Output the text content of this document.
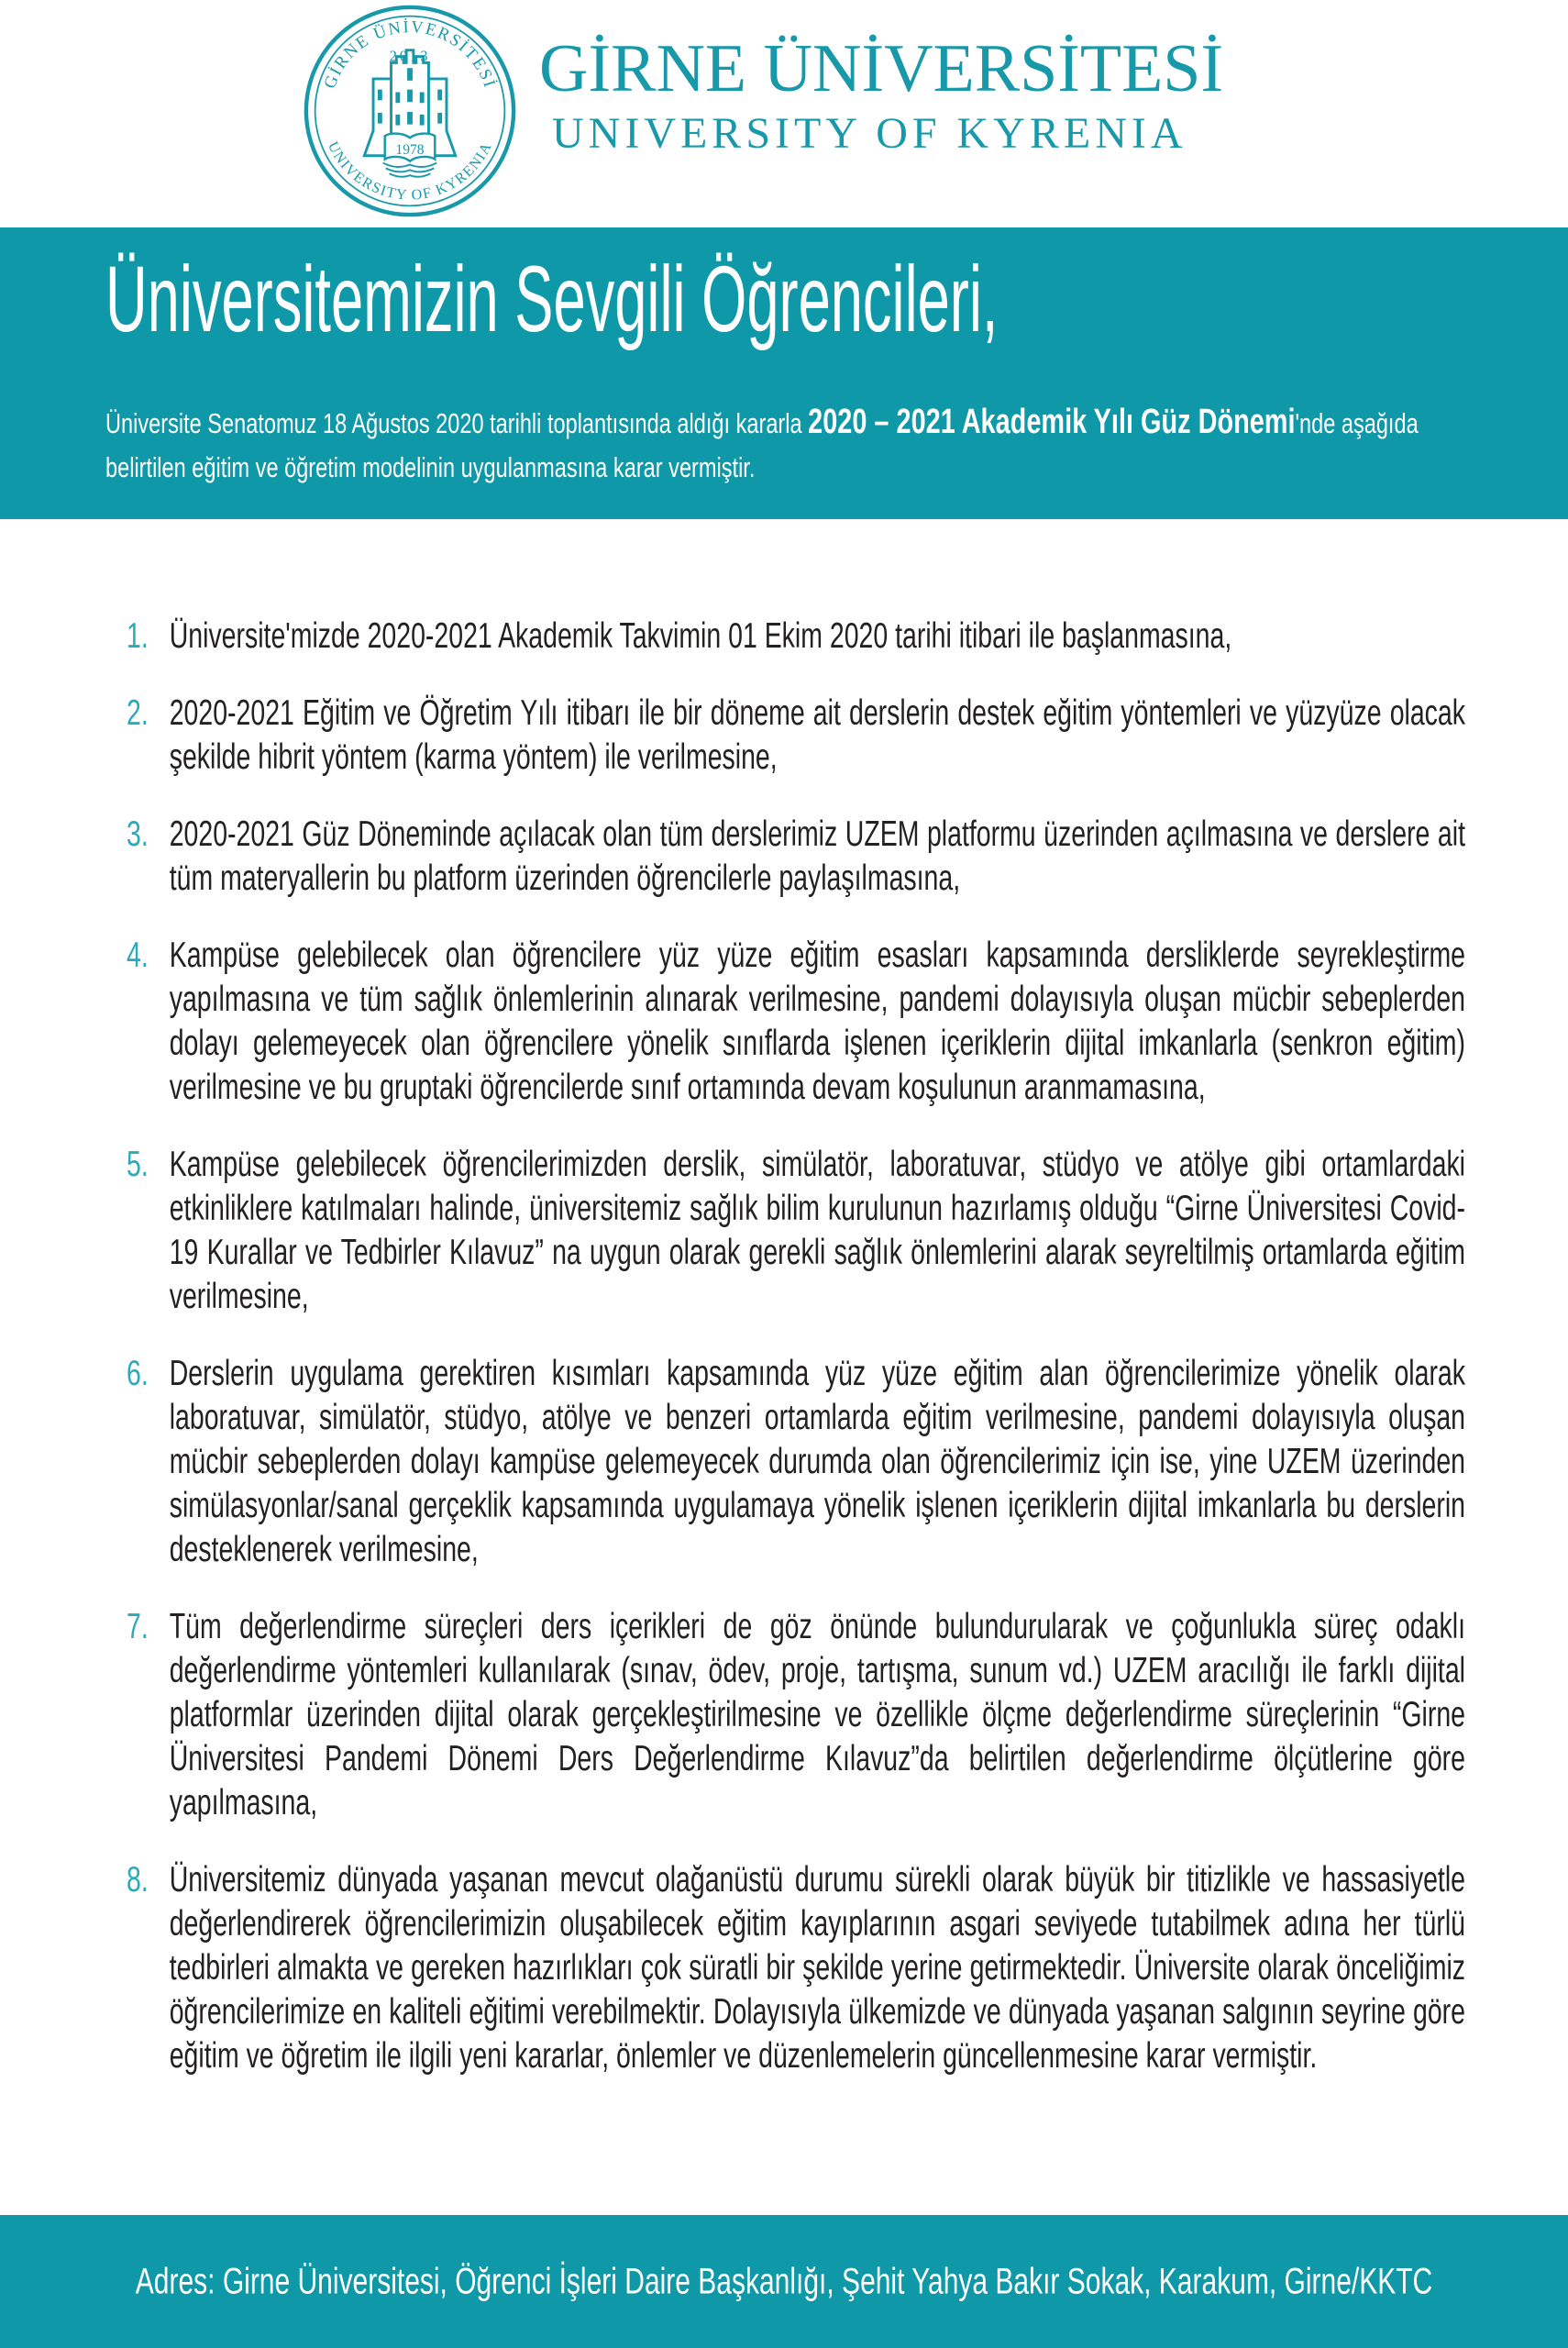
GİRNE ÜNİVERSİTESİ
2013
1978
UNIVERSITY OF KYRENIA
GİRNE ÜNİVERSİTESİ
UNIVERSITY OF KYRENIA
Üniversitemizin Sevgili Öğrencileri,
Üniversite Senatomuz 18 Ağustos 2020 tarihli toplantısında aldığı kararla 2020 – 2021 Akademik Yılı Güz Dönemi'nde aşağıda belirtilen eğitim ve öğretim modelinin uygulanmasına karar vermiştir.
1. Üniversite'mizde 2020-2021 Akademik Takvimin 01 Ekim 2020 tarihi itibari ile başlanmasına,
2. 2020-2021 Eğitim ve Öğretim Yılı itibarı ile bir döneme ait derslerin destek eğitim yöntemleri ve yüzyüze olacak şekilde hibrit yöntem (karma yöntem) ile verilmesine,
3. 2020-2021 Güz Döneminde açılacak olan tüm derslerimiz UZEM platformu üzerinden açılmasına ve derslere ait tüm materyallerin bu platform üzerinden öğrencilerle paylaşılmasına,
4. Kampüse gelebilecek olan öğrencilere yüz yüze eğitim esasları kapsamında dersliklerde seyrekleştirme yapılmasına ve tüm sağlık önlemlerinin alınarak verilmesine, pandemi dolayısıyla oluşan mücbir sebeplerden dolayı gelemeyecek olan öğrencilere yönelik sınıflarda işlenen içeriklerin dijital imkanlarla (senkron eğitim) verilmesine ve bu gruptaki öğrencilerde sınıf ortamında devam koşulunun aranmamasına,
5. Kampüse gelebilecek öğrencilerimizden derslik, simülatör, laboratuvar, stüdyo ve atölye gibi ortamlardaki etkinliklere katılmaları halinde, üniversitemiz sağlık bilim kurulunun hazırlamış olduğu “Girne Üniversitesi Covid-19 Kurallar ve Tedbirler Kılavuz” na uygun olarak gerekli sağlık önlemlerini alarak seyreltilmiş ortamlarda eğitim verilmesine,
6. Derslerin uygulama gerektiren kısımları kapsamında yüz yüze eğitim alan öğrencilerimize yönelik olarak laboratuvar, simülatör, stüdyo, atölye ve benzeri ortamlarda eğitim verilmesine, pandemi dolayısıyla oluşan mücbir sebeplerden dolayı kampüse gelemeyecek durumda olan öğrencilerimiz için ise, yine UZEM üzerinden simülasyonlar/sanal gerçeklik kapsamında uygulamaya yönelik işlenen içeriklerin dijital imkanlarla bu derslerin desteklenerek verilmesine,
7. Tüm değerlendirme süreçleri ders içerikleri de göz önünde bulundurularak ve çoğunlukla süreç odaklı değerlendirme yöntemleri kullanılarak (sınav, ödev, proje, tartışma, sunum vd.) UZEM aracılığı ile farklı dijital platformlar üzerinden dijital olarak gerçekleştirilmesine ve özellikle ölçme değerlendirme süreçlerinin “Girne Üniversitesi Pandemi Dönemi Ders Değerlendirme Kılavuz”da belirtilen değerlendirme ölçütlerine göre yapılmasına,
8. Üniversitemiz dünyada yaşanan mevcut olağanüstü durumu sürekli olarak büyük bir titizlikle ve hassasiyetle değerlendirerek öğrencilerimizin oluşabilecek eğitim kayıplarının asgari seviyede tutabilmek adına her türlü tedbirleri almakta ve gereken hazırlıkları çok süratli bir şekilde yerine getirmektedir. Üniversite olarak önceliğimiz öğrencilerimize en kaliteli eğitimi verebilmektir. Dolayısıyla ülkemizde ve dünyada yaşanan salgının seyrine göre eğitim ve öğretim ile ilgili yeni kararlar, önlemler ve düzenlemelerin güncellenmesine karar vermiştir.
Adres: Girne Üniversitesi, Öğrenci İşleri Daire Başkanlığı, Şehit Yahya Bakır Sokak, Karakum, Girne/KKTC
